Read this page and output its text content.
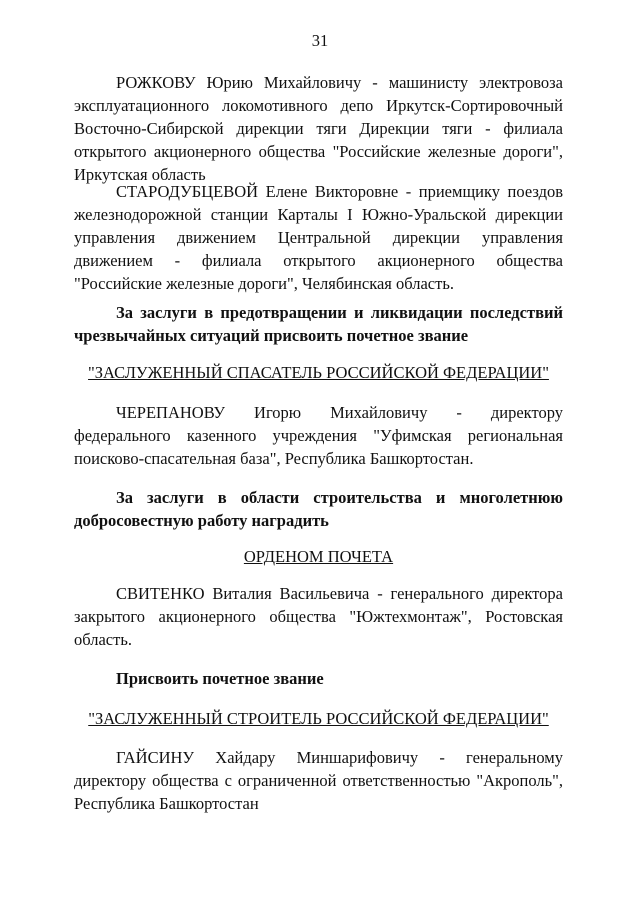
31
РОЖКОВУ Юрию Михайловичу - машинисту электровоза эксплуатационного локомотивного депо Иркутск-Сортировочный Восточно-Сибирской дирекции тяги Дирекции тяги - филиала открытого акционерного общества "Российские железные дороги", Иркутская область
СТАРОДУБЦЕВОЙ Елене Викторовне - приемщику поездов железнодорожной станции Карталы I Южно-Уральской дирекции управления движением Центральной дирекции управления движением - филиала открытого акционерного общества "Российские железные дороги", Челябинская область.
За заслуги в предотвращении и ликвидации последствий чрезвычайных ситуаций присвоить почетное звание
"ЗАСЛУЖЕННЫЙ СПАСАТЕЛЬ РОССИЙСКОЙ ФЕДЕРАЦИИ"
ЧЕРЕПАНОВУ Игорю Михайловичу - директору федерального казенного учреждения "Уфимская региональная поисково-спасательная база", Республика Башкортостан.
За заслуги в области строительства и многолетнюю добросовестную работу наградить
ОРДЕНОМ ПОЧЕТА
СВИТЕНКО Виталия Васильевича - генерального директора закрытого акционерного общества "Южтехмонтаж", Ростовская область.
Присвоить почетное звание
"ЗАСЛУЖЕННЫЙ СТРОИТЕЛЬ РОССИЙСКОЙ ФЕДЕРАЦИИ"
ГАЙСИНУ Хайдару Миншарифовичу - генеральному директору общества с ограниченной ответственностью "Акрополь", Республика Башкортостан
